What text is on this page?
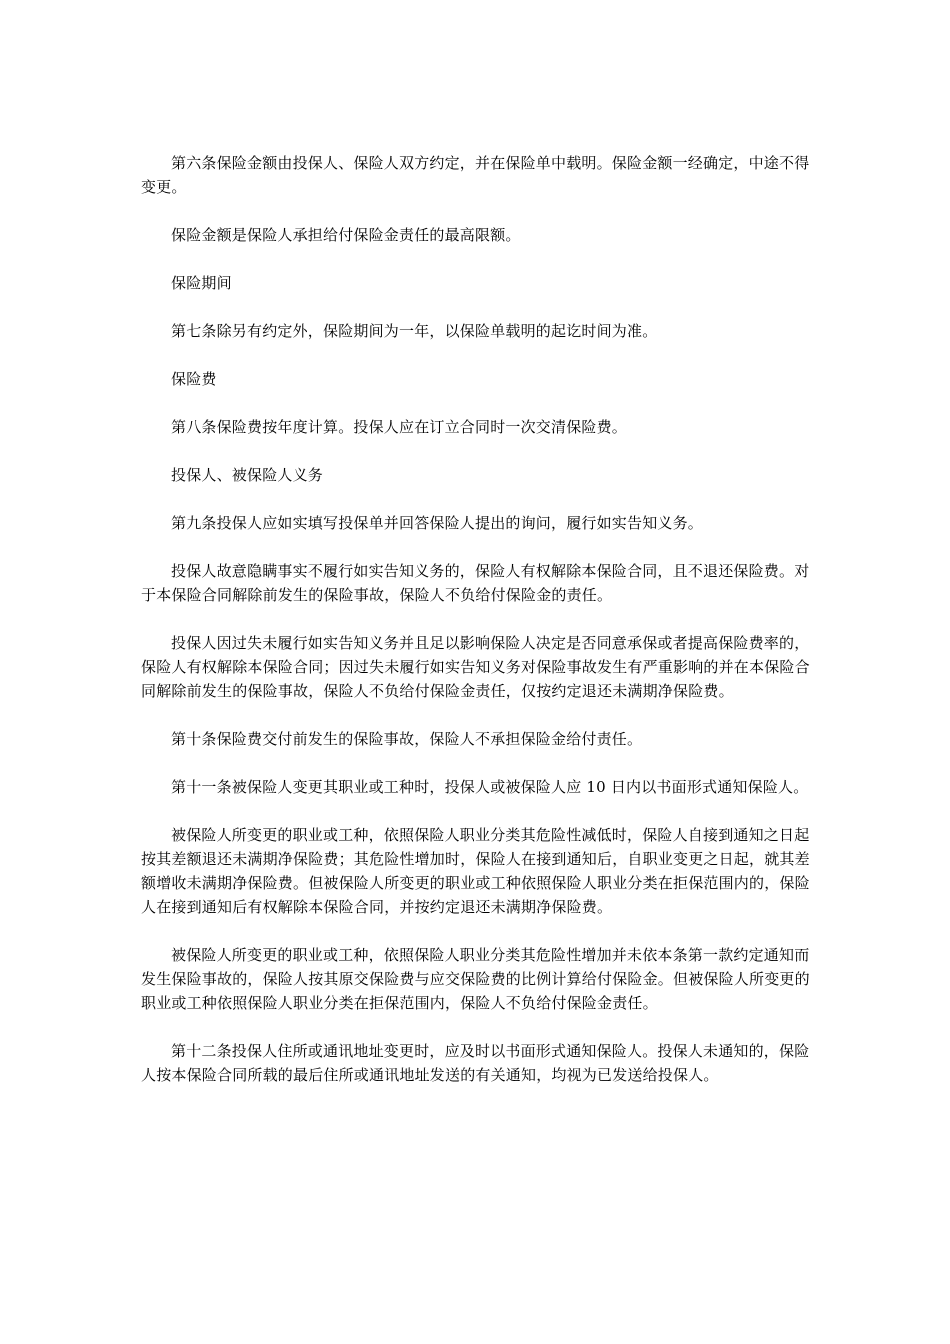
第六条保险金额由投保人、保险人双方约定，并在保险单中载明。保险金额一经确定，中途不得变更。

保险金额是保险人承担给付保险金责任的最高限额。

保险期间

第七条除另有约定外，保险期间为一年，以保险单载明的起讫时间为准。

保险费

第八条保险费按年度计算。投保人应在订立合同时一次交清保险费。

投保人、被保险人义务

第九条投保人应如实填写投保单并回答保险人提出的询问，履行如实告知义务。

投保人故意隐瞒事实不履行如实告知义务的，保险人有权解除本保险合同，且不退还保险费。对于本保险合同解除前发生的保险事故，保险人不负给付保险金的责任。

投保人因过失未履行如实告知义务并且足以影响保险人决定是否同意承保或者提高保险费率的，保险人有权解除本保险合同；因过失未履行如实告知义务对保险事故发生有严重影响的并在本保险合同解除前发生的保险事故，保险人不负给付保险金责任，仅按约定退还未满期净保险费。

第十条保险费交付前发生的保险事故，保险人不承担保险金给付责任。

第十一条被保险人变更其职业或工种时，投保人或被保险人应 10 日内以书面形式通知保险人。

被保险人所变更的职业或工种，依照保险人职业分类其危险性减低时，保险人自接到通知之日起按其差额退还未满期净保险费；其危险性增加时，保险人在接到通知后，自职业变更之日起，就其差额增收未满期净保险费。但被保险人所变更的职业或工种依照保险人职业分类在拒保范围内的，保险人在接到通知后有权解除本保险合同，并按约定退还未满期净保险费。

被保险人所变更的职业或工种，依照保险人职业分类其危险性增加并未依本条第一款约定通知而发生保险事故的，保险人按其原交保险费与应交保险费的比例计算给付保险金。但被保险人所变更的职业或工种依照保险人职业分类在拒保范围内，保险人不负给付保险金责任。

第十二条投保人住所或通讯地址变更时，应及时以书面形式通知保险人。投保人未通知的，保险人按本保险合同所载的最后住所或通讯地址发送的有关通知，均视为已发送给投保人。
